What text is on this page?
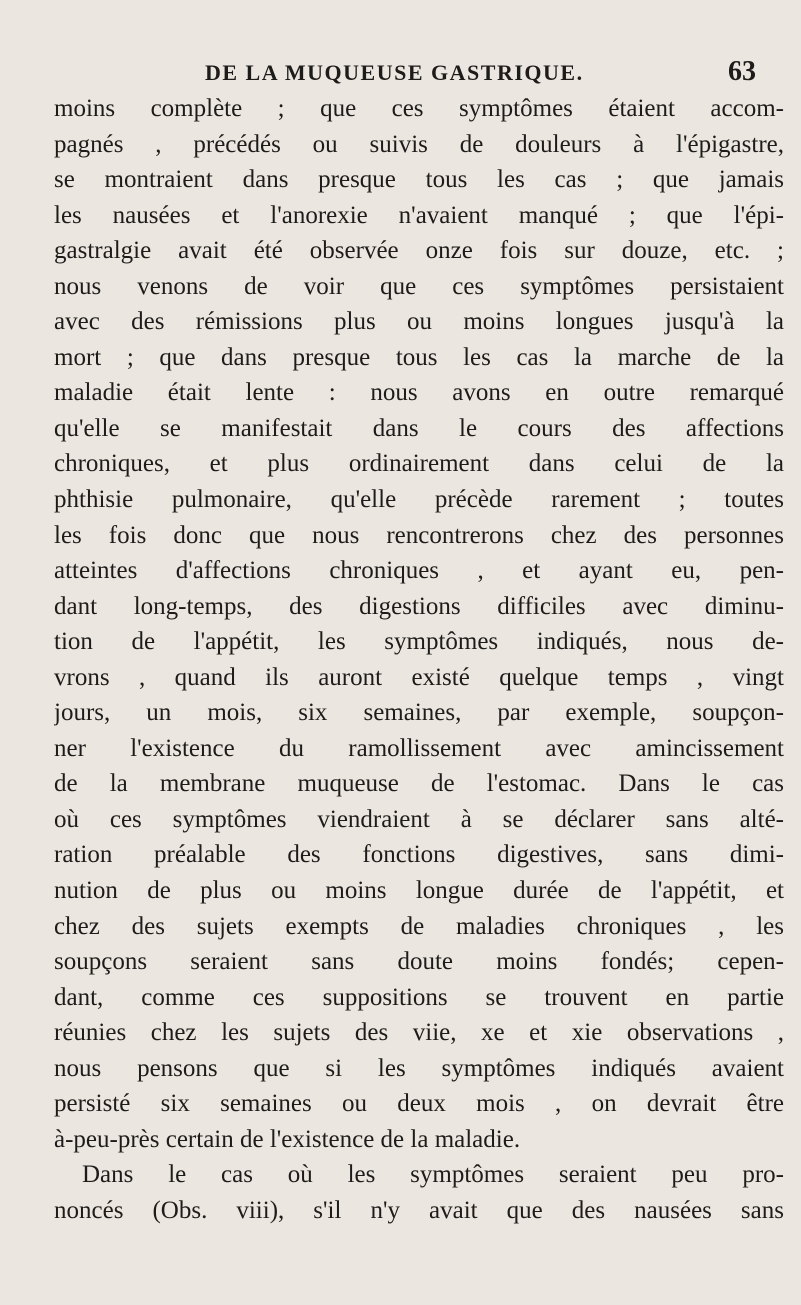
DE LA MUQUEUSE GASTRIQUE.	63
moins complète ; que ces symptômes étaient accom-
pagnés , précédés ou suivis de douleurs à l'épigastre,
se montraient dans presque tous les cas ; que jamais
les nausées et l'anorexie n'avaient manqué ; que l'épi-
gastralgie avait été observée onze fois sur douze, etc. ;
nous venons de voir que ces symptômes persistaient
avec des rémissions plus ou moins longues jusqu'à la
mort ; que dans presque tous les cas la marche de la
maladie était lente : nous avons en outre remarqué
qu'elle se manifestait dans le cours des affections
chroniques, et plus ordinairement dans celui de la
phthisie pulmonaire, qu'elle précède rarement ; toutes
les fois donc que nous rencontrerons chez des personnes
atteintes d'affections chroniques , et ayant eu, pen-
dant long-temps, des digestions difficiles avec diminu-
tion de l'appétit, les symptômes indiqués, nous de-
vrons , quand ils auront existé quelque temps , vingt
jours, un mois, six semaines, par exemple, soupçon-
ner l'existence du ramollissement avec amincissement
de la membrane muqueuse de l'estomac. Dans le cas
où ces symptômes viendraient à se déclarer sans alté-
ration préalable des fonctions digestives, sans dimi-
nution de plus ou moins longue durée de l'appétit, et
chez des sujets exempts de maladies chroniques , les
soupçons seraient sans doute moins fondés; cepen-
dant, comme ces suppositions se trouvent en partie
réunies chez les sujets des viie, xe et xie observations ,
nous pensons que si les symptômes indiqués avaient
persisté six semaines ou deux mois , on devrait être
à-peu-près certain de l'existence de la maladie.
Dans le cas où les symptômes seraient peu pro-
noncés (Obs. viii), s'il n'y avait que des nausées sans
